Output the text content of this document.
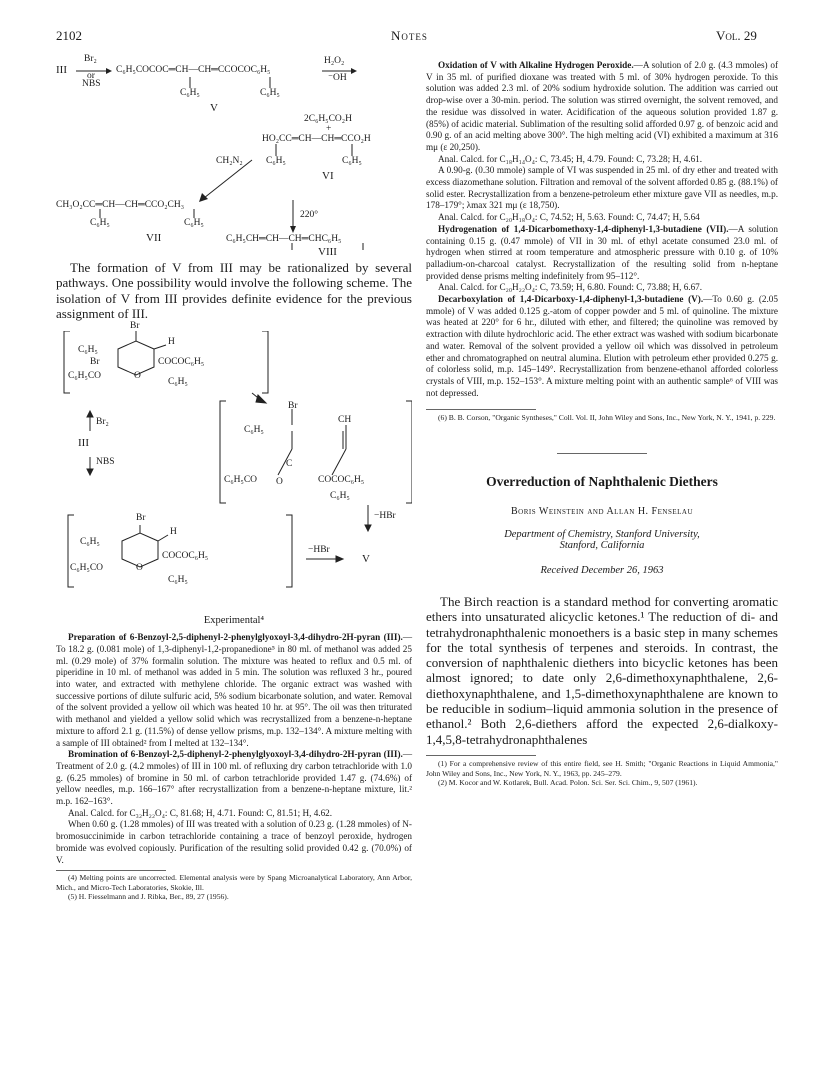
2102	Notes	Vol. 29
III
Br₂
or
NBS
C₆H₅COCOC═CH—CH═CCOCOC₆H₅
C₆H₅	C₆H₅
V
H₂O₂
⁻OH
2C₆H₅CO₂H
+
HO₂CC═CH—CH═CCO₂H
C₆H₅	C₆H₅
VI
CH₂N₂
220°
CH₃O₂CC═CH—CH═CCO₂CH₃
C₆H₅	C₆H₅
VII	C₆H₅CH═CH—CH═CHC₆H₅
VIII

The formation of V from III may be rationalized by several pathways. One possibility would involve the following scheme. The isolation of V from III provides definite evidence for the previous assignment of III.

Br
H
C₆H₅
Br	COCOC₆H₅
C₆H₅CO	O
C₆H₅
Br₂
III
NBS
Br
C₆H₅
CH
C
C₆H₅CO O	COCOC₆H₅
C₆H₅
−HBr
Br
H
C₆H₅
COCOC₆H₅
C₆H₅CO	O
C₆H₅
−HBr
V

Experimental⁴

Preparation of 6-Benzoyl-2,5-diphenyl-2-phenylglyoxoyl-3,4-dihydro-2H-pyran (III).—To 18.2 g. (0.081 mole) of 1,3-diphenyl-1,2-propanedione⁵ in 80 ml. of methanol was added 25 ml. (0.29 mole) of 37% formalin solution. The mixture was heated to reflux and 0.5 ml. of piperidine in 10 ml. of methanol was added in 5 min. The solution was refluxed 3 hr., poured into water, and extracted with methylene chloride. The organic extract was washed with successive portions of dilute sulfuric acid, 5% sodium bicarbonate solution, and water. Removal of the solvent provided a yellow oil which was heated 10 hr. at 95°. The oil was then triturated with methanol and yielded a yellow solid which was recrystallized from a benzene-n-heptane mixture to afford 2.1 g. (11.5%) of dense yellow prisms, m.p. 132–134°. A mixture melting with a sample of III obtained² from I melted at 132–134°.

Bromination of 6-Benzoyl-2,5-diphenyl-2-phenylglyoxoyl-3,4-dihydro-2H-pyran (III).—Treatment of 2.0 g. (4.2 mmoles) of III in 100 ml. of refluxing dry carbon tetrachloride with 1.0 g. (6.25 mmoles) of bromine in 50 ml. of carbon tetrachloride provided 1.47 g. (74.6%) of yellow needles, m.p. 166–167° after recrystallization from a benzene-n-heptane mixture, lit.² m.p. 162–163°.

Anal. Calcd. for C₃₂H₂₂O₄: C, 81.68; H, 4.71. Found: C, 81.51; H, 4.62.

When 0.60 g. (1.28 mmoles) of III was treated with a solution of 0.23 g. (1.28 mmoles) of N-bromosuccinimide in carbon tetrachloride containing a trace of benzoyl peroxide, hydrogen bromide was evolved copiously. Purification of the resulting solid provided 0.42 g. (70.0%) of V.

(4) Melting points are uncorrected. Elemental analysis were by Spang Microanalytical Laboratory, Ann Arbor, Mich., and Micro-Tech Laboratories, Skokie, Ill.

(5) H. Fiesselmann and J. Ribka, Ber., 89, 27 (1956).

Oxidation of V with Alkaline Hydrogen Peroxide.—A solution of 2.0 g. (4.3 mmoles) of V in 35 ml. of purified dioxane was treated with 5 ml. of 30% hydrogen peroxide. To this solution was added 2.3 ml. of 20% sodium hydroxide solution. The addition was carried out drop-wise over a 30-min. period. The solution was stirred overnight, the solvent removed, and the residue was dissolved in water. Acidification of the aqueous solution provided 1.87 g. (85%) of acidic material. Sublimation of the resulting solid afforded 0.97 g. of benzoic acid and 0.90 g. of an acid melting above 300°. The high melting acid (VI) exhibited a maximum at 316 mμ (ε 20,250).

Anal. Calcd. for C₁₈H₁₄O₄: C, 73.45; H, 4.79. Found: C, 73.28; H, 4.61.

A 0.90-g. (0.30 mmole) sample of VI was suspended in 25 ml. of dry ether and treated with excess diazomethane solution. Filtration and removal of the solvent afforded 0.85 g. (88.1%) of solid ester. Recrystallization from a benzene-petroleum ether mixture gave VII as needles, m.p. 178–179°; λmax 321 mμ (ε 18,750).

Anal. Calcd. for C₂₀H₁₈O₄: C, 74.52; H, 5.63. Found: C, 74.47; H, 5.64

Hydrogenation of 1,4-Dicarbomethoxy-1,4-diphenyl-1,3-butadiene (VII).—A solution containing 0.15 g. (0.47 mmole) of VII in 30 ml. of ethyl acetate consumed 23.0 ml. of hydrogen when stirred at room temperature and atmospheric pressure with 0.10 g. of 10% palladium-on-charcoal catalyst. Recrystallization of the resulting solid from n-heptane provided dense prisms melting indefinitely from 95–112°.

Anal. Calcd. for C₂₀H₂₂O₄: C, 73.59; H, 6.80. Found: C, 73.88; H, 6.67.

Decarboxylation of 1,4-Dicarboxy-1,4-diphenyl-1,3-butadiene (V).—To 0.60 g. (2.05 mmole) of V was added 0.125 g.-atom of copper powder and 5 ml. of quinoline. The mixture was heated at 220° for 6 hr., diluted with ether, and filtered; the quinoline was removed by extraction with dilute hydrochloric acid. The ether extract was washed with sodium bicarbonate and water. Removal of the solvent provided a yellow oil which was dissolved in petroleum ether and chromatographed on neutral alumina. Elution with petroleum ether provided 0.275 g. of colorless solid, m.p. 145–149°. Recrystallization from benzene-ethanol afforded colorless crystals of VIII, m.p. 152–153°. A mixture melting point with an authentic sample⁶ of VIII was not depressed.

(6) B. B. Corson, "Organic Syntheses," Coll. Vol. II, John Wiley and Sons, Inc., New York, N. Y., 1941, p. 229.

Overreduction of Naphthalenic Diethers

Boris Weinstein and Allan H. Fenselau

Department of Chemistry, Stanford University,

Stanford, California

Received December 26, 1963

The Birch reaction is a standard method for converting aromatic ethers into unsaturated alicyclic ketones.¹ The reduction of di- and tetrahydronaphthalenic monoethers is a basic step in many schemes for the total synthesis of terpenes and steroids. In contrast, the conversion of naphthalenic diethers into bicyclic ketones has been almost ignored; to date only 2,6-dimethoxynaphthalene, 2,6-diethoxynaphthalene, and 1,5-dimethoxynaphthalene are known to be reducible in sodium–liquid ammonia solution in the presence of ethanol.² Both 2,6-diethers afford the expected 2,6-dialkoxy-1,4,5,8-tetrahydronaphthalenes

(1) For a comprehensive review of this entire field, see H. Smith; "Organic Reactions in Liquid Ammonia," John Wiley and Sons, Inc., New York, N. Y., 1963, pp. 245–279.

(2) M. Kocor and W. Kotlarek, Bull. Acad. Polon. Sci. Ser. Sci. Chim., 9, 507 (1961).
